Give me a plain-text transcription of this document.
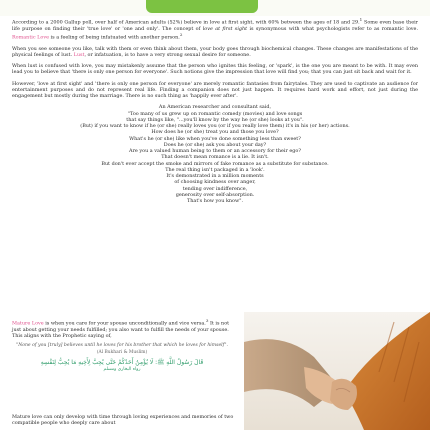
According to a 2000 Gallup poll, over half of American adults (52%) believe in love at first sight, with 60% between the ages of 18 and 29.$^1$ Some even base their life purpose on finding their 'true love' or 'one and only'. The concept of love at first sight is synonymous with what psychologists refer to as romantic love. Romantic Love is a feeling of being infatuated with another person.$^2$

When you see someone you like, talk with them or even think about them, your body goes through biochemical changes. These changes are manifestations of the physical feelings of lust. Lust, or infatuation, is to have a very strong sexual desire for someone.

When lust is confused with love, you may mistakenly assume that the person who ignites this feeling, or 'spark', is the one you are meant to be with. It may even lead you to believe that 'there is only one person for everyone'. Such notions give the impression that love will find you; that you can just sit back and wait for it.

However, 'love at first sight' and 'there is only one person for everyone' are merely romantic fantasies from fairytales. They are used to captivate an audience for entertainment purposes and do not represent real life. Finding a companion does not just happen. It requires hard work and effort, not just during the engagement but mostly during the marriage. There is no such thing as 'happily ever after'.

An American researcher and consultant said,
"Too many of us grew up on romantic comedy (movies) and love songs
that say things like, "...you'll know by the way he (or she) looks at you".
(But) if you want to know if he (or she) really loves you (or if you really love them) it's in his (or her) actions.
How does he (or she) treat you and those you love?
What's he (or she) like when you've done something less than sweet?
Does he (or she) ask you about your day?
Are you a valued human being to them or an accessory for their ego?
That doesn't mean romance is a lie. It isn't.
But don't ever accept the smoke and mirrors of fake romance as a substitute for substance.
The real thing isn't packaged in a 'look'.
It's demonstrated in a million moments
of choosing kindness over anger,
tending over indifference,
generosity over self-absorption.
That's how you know".

Mature Love is when you care for your spouse unconditionally and vice versa.$^3$ It is not just about getting your needs fulfilled; you also want to fulfill the needs of your spouse. This aligns with the Prophetic saying of,

"None of you [truly] believes until he loves for his brother that which he loves for himself".
(Al Bukhari & Muslim)
قَالَ رَسُولُ اللَّهِ ﷺ: لَا يُؤْمِنُ أَحَدُكُمْ حَتَّى يُحِبَّ لِأَخِيهِ مَا يُحِبُّ لِنَفْسِهِ
رواه البخاري ومسلم

Mature love can only develop with time through loving experiences and memories of two compatible people who deeply care about
